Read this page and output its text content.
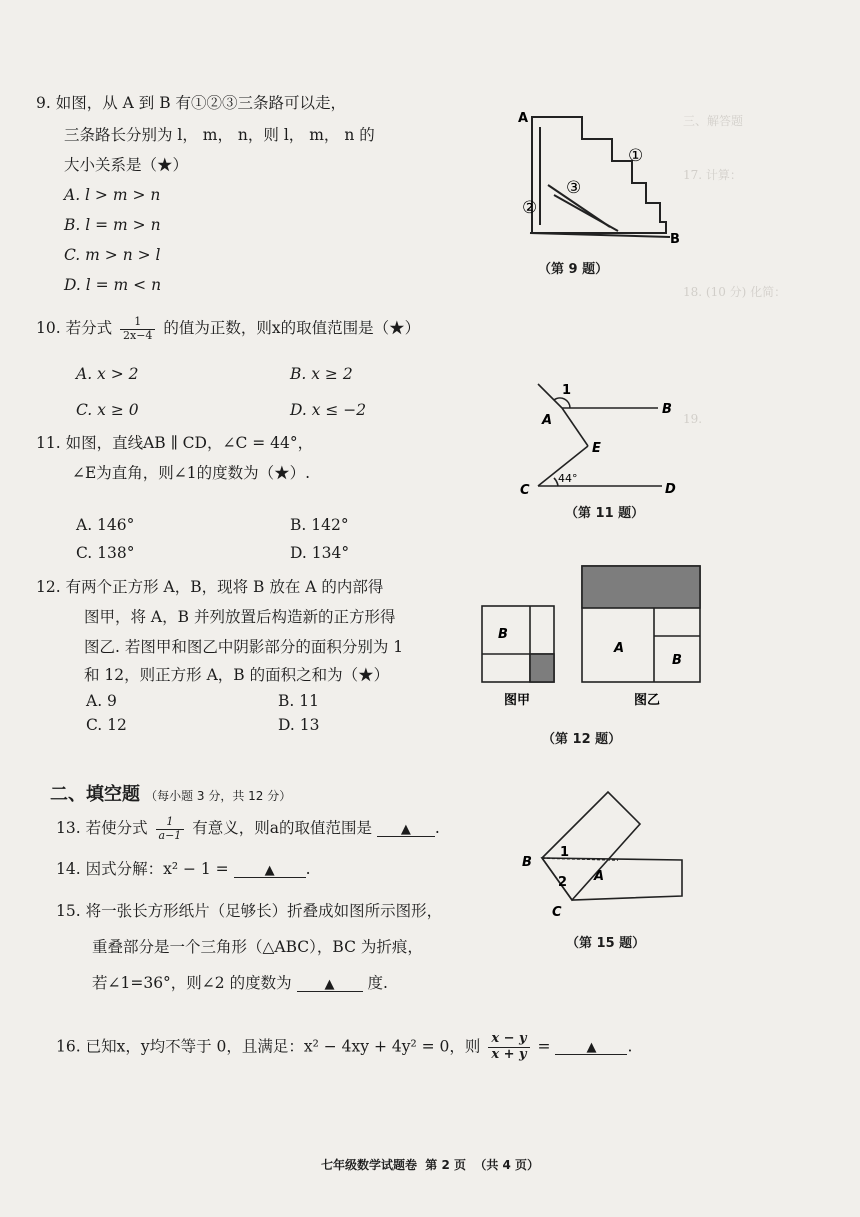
三、解答题
17. 计算：
18. (10 分) 化简：
19.
9. 如图，从 A 到 B 有①②③三条路可以走，
三条路长分别为 l， m， n，则 l， m， n 的
大小关系是（★）
A. l > m > n
B. l = m > n
C. m > n > l
D. l = m < n
A
B
①
②
③
（第 9 题）
10. 若分式 $\frac{1}{2x-4}$ 的值为正数，则x的取值范围是（★）
A. x > 2	B. x ≥ 2
C. x ≥ 0	D. x ≤ −2
11. 如图，直线AB ∥ CD，∠C = 44°，
∠E为直角，则∠1的度数为（★）.
A. 146°	B. 142°
C. 138°	D. 134°
1
A
B
E
C	D
44°
（第 11 题）
12. 有两个正方形 A，B，现将 B 放在 A 的内部得
图甲，将 A，B 并列放置后构造新的正方形得
图乙. 若图甲和图乙中阴影部分的面积分别为 1
和 12，则正方形 A，B 的面积之和为（★）
A. 9	B. 11
C. 12	D. 13
B
A
B
图甲	图乙
（第 12 题）
二、填空题 （每小题 3 分，共 12 分）
13. 若使分式 $\frac{1}{a-1}$ 有意义，则a的取值范围是 ▲ .
14. 因式分解：x² − 1 =	▲ .
15. 将一张长方形纸片（足够长）折叠成如图所示图形，
重叠部分是一个三角形（△ABC），BC 为折痕，
若∠1=36°，则∠2 的度数为	▲ 度.
B
A
C
1
2
（第 15 题）
16. 已知x，y均不等于 0，且满足：x² − 4xy + 4y² = 0，则 $\frac{x - y}{x + y}$ =	▲ .
七年级数学试题卷  第 2 页  （共 4 页）
